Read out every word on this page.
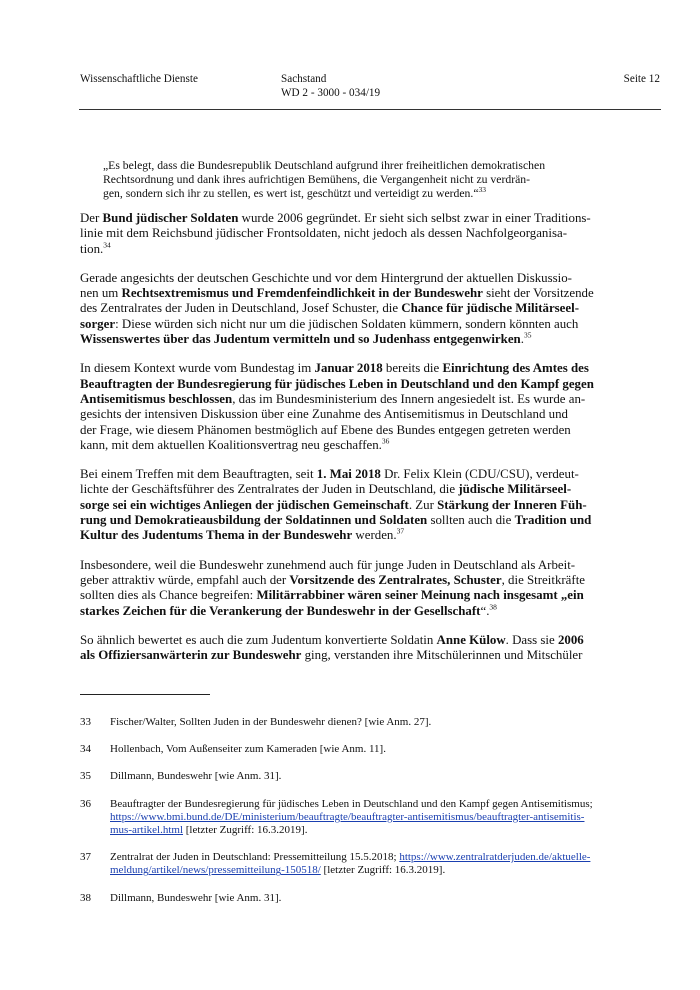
Wissenschaftliche Dienste	Sachstand
WD 2 - 3000 - 034/19
Seite 12
„Es belegt, dass die Bundesrepublik Deutschland aufgrund ihrer freiheitlichen demokratischen
Rechtsordnung und dank ihres aufrichtigen Bemühens, die Vergangenheit nicht zu verdrän-
gen, sondern sich ihr zu stellen, es wert ist, geschützt und verteidigt zu werden.“$^{33}$
Der Bund jüdischer Soldaten wurde 2006 gegründet. Er sieht sich selbst zwar in einer Traditions-
linie mit dem Reichsbund jüdischer Frontsoldaten, nicht jedoch als dessen Nachfolgeorganisa-
tion.$^{34}$
Gerade angesichts der deutschen Geschichte und vor dem Hintergrund der aktuellen Diskussio-
nen um Rechtsextremismus und Fremdenfeindlichkeit in der Bundeswehr sieht der Vorsitzende
des Zentralrates der Juden in Deutschland, Josef Schuster, die Chance für jüdische Militärseel-
sorger: Diese würden sich nicht nur um die jüdischen Soldaten kümmern, sondern könnten auch
Wissenswertes über das Judentum vermitteln und so Judenhass entgegenwirken.$^{35}$
In diesem Kontext wurde vom Bundestag im Januar 2018 bereits die Einrichtung des Amtes des
Beauftragten der Bundesregierung für jüdisches Leben in Deutschland und den Kampf gegen
Antisemitismus beschlossen, das im Bundesministerium des Innern angesiedelt ist. Es wurde an-
gesichts der intensiven Diskussion über eine Zunahme des Antisemitismus in Deutschland und
der Frage, wie diesem Phänomen bestmöglich auf Ebene des Bundes entgegen getreten werden
kann, mit dem aktuellen Koalitionsvertrag neu geschaffen.$^{36}$
Bei einem Treffen mit dem Beauftragten, seit 1. Mai 2018 Dr. Felix Klein (CDU/CSU), verdeut-
lichte der Geschäftsführer des Zentralrates der Juden in Deutschland, die jüdische Militärseel-
sorge sei ein wichtiges Anliegen der jüdischen Gemeinschaft. Zur Stärkung der Inneren Füh-
rung und Demokratieausbildung der Soldatinnen und Soldaten sollten auch die Tradition und
Kultur des Judentums Thema in der Bundeswehr werden.$^{37}$
Insbesondere, weil die Bundeswehr zunehmend auch für junge Juden in Deutschland als Arbeit-
geber attraktiv würde, empfahl auch der Vorsitzende des Zentralrates, Schuster, die Streitkräfte
sollten dies als Chance begreifen: Militärrabbiner wären seiner Meinung nach insgesamt „ein
starkes Zeichen für die Verankerung der Bundeswehr in der Gesellschaft“.$^{38}$
So ähnlich bewertet es auch die zum Judentum konvertierte Soldatin Anne Külow. Dass sie 2006
als Offiziersanwärterin zur Bundeswehr ging, verstanden ihre Mitschülerinnen und Mitschüler
33	Fischer/Walter, Sollten Juden in der Bundeswehr dienen? [wie Anm. 27].
34	Hollenbach, Vom Außenseiter zum Kameraden [wie Anm. 11].
35	Dillmann, Bundeswehr [wie Anm. 31].
36	Beauftragter der Bundesregierung für jüdisches Leben in Deutschland und den Kampf gegen Antisemitismus;
https://www.bmi.bund.de/DE/ministerium/beauftragte/beauftragter-antisemitismus/beauftragter-antisemitis-
mus-artikel.html [letzter Zugriff: 16.3.2019].
37	Zentralrat der Juden in Deutschland: Pressemitteilung 15.5.2018; https://www.zentralratderjuden.de/aktuelle-
meldung/artikel/news/pressemitteilung-150518/ [letzter Zugriff: 16.3.2019].
38	Dillmann, Bundeswehr [wie Anm. 31].
